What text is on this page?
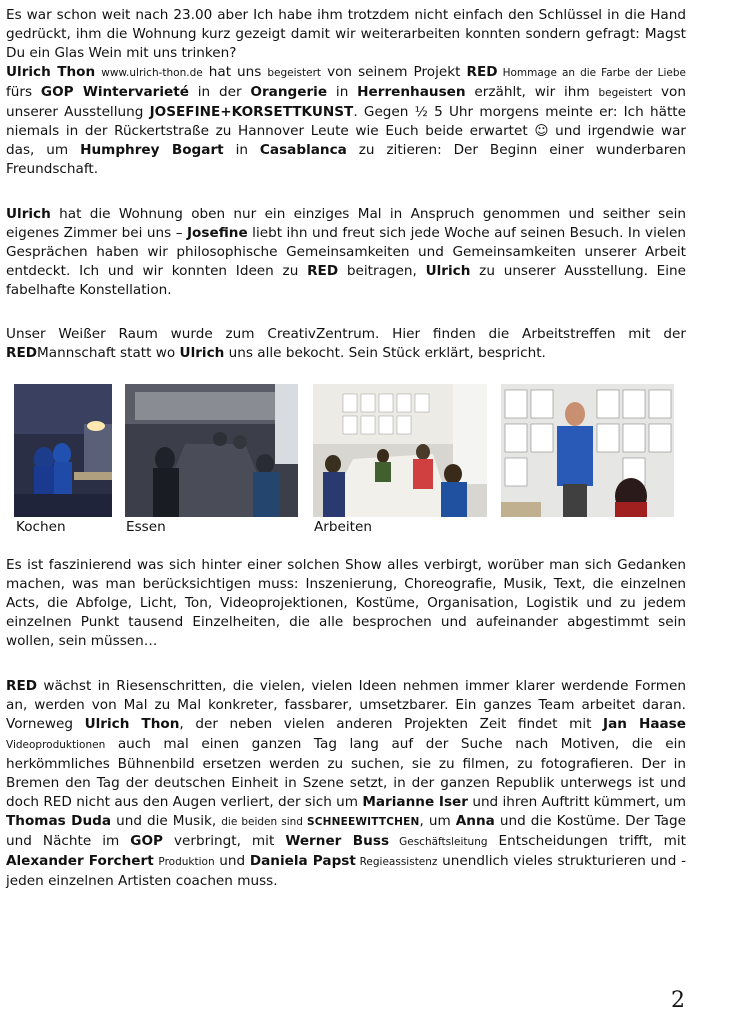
Es war schon weit nach 23.00 aber Ich habe ihm trotzdem nicht einfach den Schlüssel in die Hand gedrückt, ihm die Wohnung kurz gezeigt damit wir weiterarbeiten konnten sondern gefragt: Magst Du ein Glas Wein mit uns trinken?
Ulrich Thon www.ulrich-thon.de hat uns begeistert von seinem Projekt RED Hommage an die Farbe der Liebe fürs GOP Wintervarieté in der Orangerie in Herrenhausen erzählt, wir ihm begeistert von unserer Ausstellung JOSEFINE+KORSETTKUNST. Gegen ½ 5 Uhr morgens meinte er: Ich hätte niemals in der Rückertstraße zu Hannover Leute wie Euch beide erwartet ☺ und irgendwie war das, um Humphrey Bogart in Casablanca zu zitieren: Der Beginn einer wunderbaren Freundschaft.

Ulrich hat die Wohnung oben nur ein einziges Mal in Anspruch genommen und seither sein eigenes Zimmer bei uns – Josefine liebt ihn und freut sich jede Woche auf seinen Besuch. In vielen Gesprächen haben wir philosophische Gemeinsamkeiten und Gemeinsamkeiten unserer Arbeit entdeckt. Ich und wir konnten Ideen zu RED beitragen, Ulrich zu unserer Ausstellung. Eine fabelhafte Konstellation.

Unser Weißer Raum wurde zum CreativZentrum. Hier finden die Arbeitstreffen mit der REDMannschaft statt wo Ulrich uns alle bekocht. Sein Stück erklärt, bespricht.

Kochen	Essen	Arbeiten

Es ist faszinierend was sich hinter einer solchen Show alles verbirgt, worüber man sich Gedanken machen, was man berücksichtigen muss: Inszenierung, Choreografie, Musik, Text, die einzelnen Acts, die Abfolge, Licht, Ton, Videoprojektionen, Kostüme, Organisation, Logistik und zu jedem einzelnen Punkt tausend Einzelheiten, die alle besprochen und aufeinander abgestimmt sein wollen, sein müssen…

RED wächst in Riesenschritten, die vielen, vielen Ideen nehmen immer klarer werdende Formen an, werden von Mal zu Mal konkreter, fassbarer, umsetzbarer. Ein ganzes Team arbeitet daran. Vorneweg Ulrich Thon, der neben vielen anderen Projekten Zeit findet mit Jan Haase Videoproduktionen auch mal einen ganzen Tag lang auf der Suche nach Motiven, die ein herkömmliches Bühnenbild ersetzen werden zu suchen, sie zu filmen, zu fotografieren. Der in Bremen den Tag der deutschen Einheit in Szene setzt, in der ganzen Republik unterwegs ist und doch RED nicht aus den Augen verliert, der sich um Marianne Iser und ihren Auftritt kümmert, um Thomas Duda und die Musik, die beiden sind SCHNEEWITTCHEN, um Anna und die Kostüme. Der Tage und Nächte im GOP verbringt, mit Werner Buss Geschäftsleitung Entscheidungen trifft, mit Alexander Forchert Produktion und Daniela Papst Regieassistenz unendlich vieles strukturieren und - jeden einzelnen Artisten coachen muss.

2
